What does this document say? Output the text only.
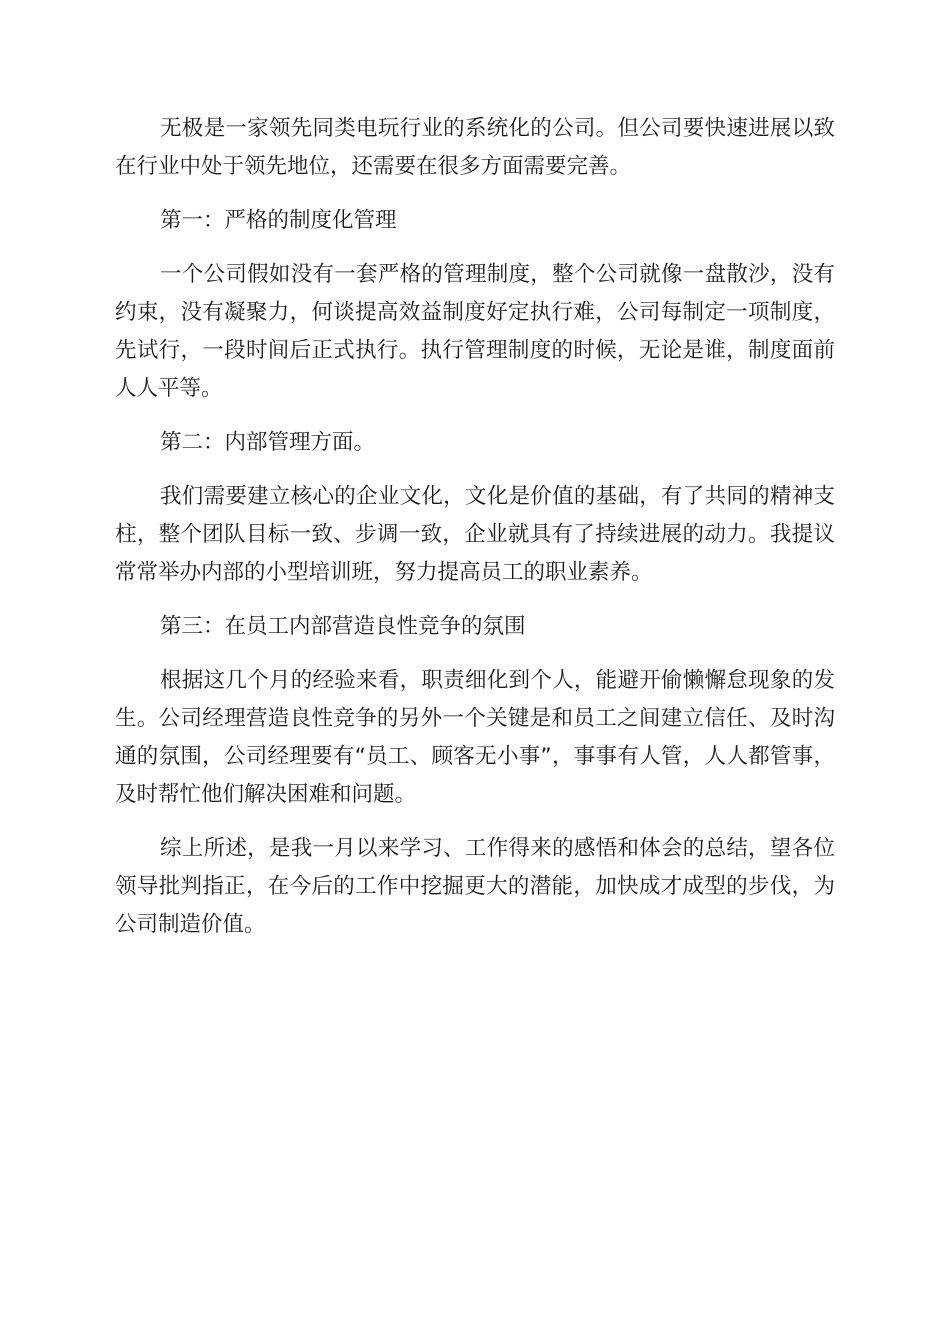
无极是一家领先同类电玩行业的系统化的公司。但公司要快速进展以致在行业中处于领先地位，还需要在很多方面需要完善。

第一：严格的制度化管理

一个公司假如没有一套严格的管理制度，整个公司就像一盘散沙，没有约束，没有凝聚力，何谈提高效益制度好定执行难，公司每制定一项制度，先试行，一段时间后正式执行。执行管理制度的时候，无论是谁，制度面前人人平等。

第二：内部管理方面。

我们需要建立核心的企业文化，文化是价值的基础，有了共同的精神支柱，整个团队目标一致、步调一致，企业就具有了持续进展的动力。我提议常常举办内部的小型培训班，努力提高员工的职业素养。

第三：在员工内部营造良性竞争的氛围

根据这几个月的经验来看，职责细化到个人，能避开偷懒懈怠现象的发生。公司经理营造良性竞争的另外一个关键是和员工之间建立信任、及时沟通的氛围，公司经理要有“员工、顾客无小事”，事事有人管，人人都管事，及时帮忙他们解决困难和问题。

综上所述，是我一月以来学习、工作得来的感悟和体会的总结，望各位领导批判指正，在今后的工作中挖掘更大的潜能，加快成才成型的步伐，为公司制造价值。
